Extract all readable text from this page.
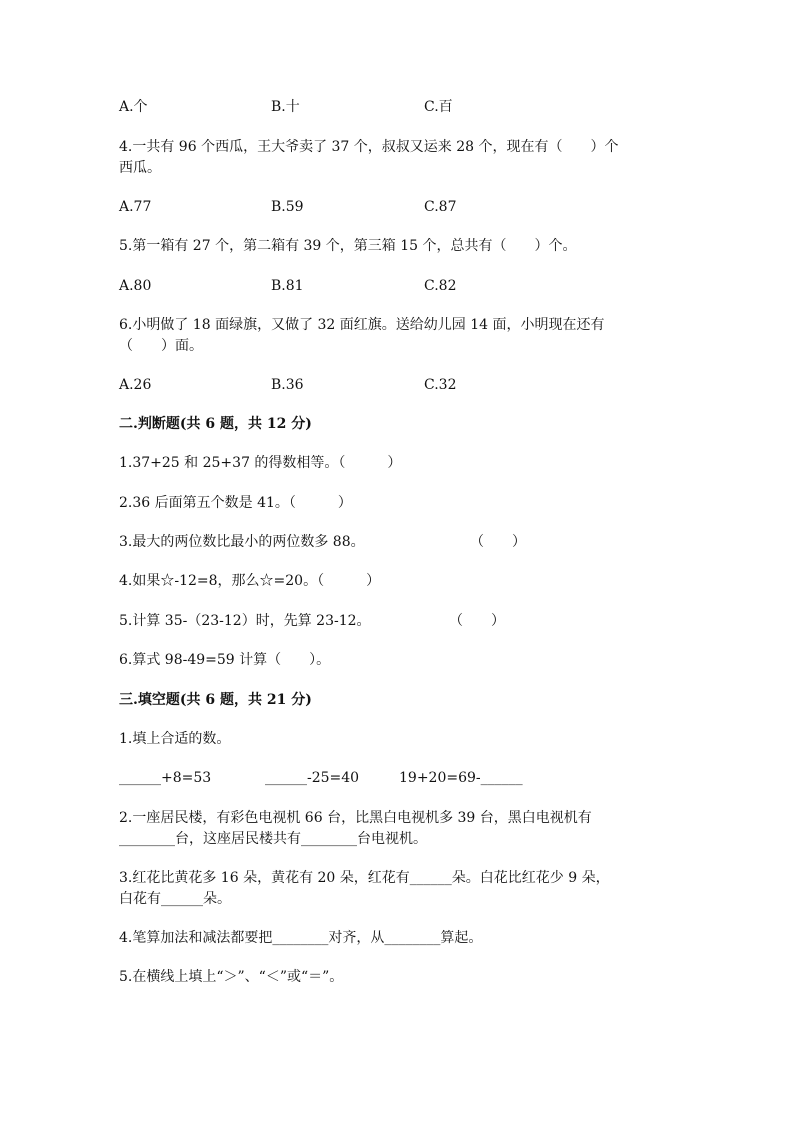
A.个	B.十	C.百
4.一共有 96 个西瓜，王大爷卖了 37 个，叔叔又运来 28 个，现在有（　　）个
西瓜。
A.77	B.59	C.87
5.第一箱有 27 个，第二箱有 39 个，第三箱 15 个，总共有（　　）个。
A.80	B.81	C.82
6.小明做了 18 面绿旗，又做了 32 面红旗。送给幼儿园 14 面，小明现在还有
（　　）面。
A.26	B.36	C.32
二.判断题(共 6 题，共 12 分)
1.37+25 和 25+37 的得数相等。（　　　）
2.36 后面第五个数是 41。（　　　）
3.最大的两位数比最小的两位数多 88。	（　　）
4.如果☆-12=8，那么☆=20。（　　　）
5.计算 35-（23-12）时，先算 23-12。	（　　）
6.算式 98-49=59 计算（　　）。
三.填空题(共 6 题，共 21 分)
1.填上合适的数。
______+8=53	______-25=40	19+20=69-______
2.一座居民楼，有彩色电视机 66 台，比黑白电视机多 39 台，黑白电视机有
________台，这座居民楼共有________台电视机。
3.红花比黄花多 16 朵，黄花有 20 朵，红花有______朵。白花比红花少 9 朵，
白花有______朵。
4.笔算加法和减法都要把________对齐，从________算起。
5.在横线上填上“＞”、“＜”或“＝”。
